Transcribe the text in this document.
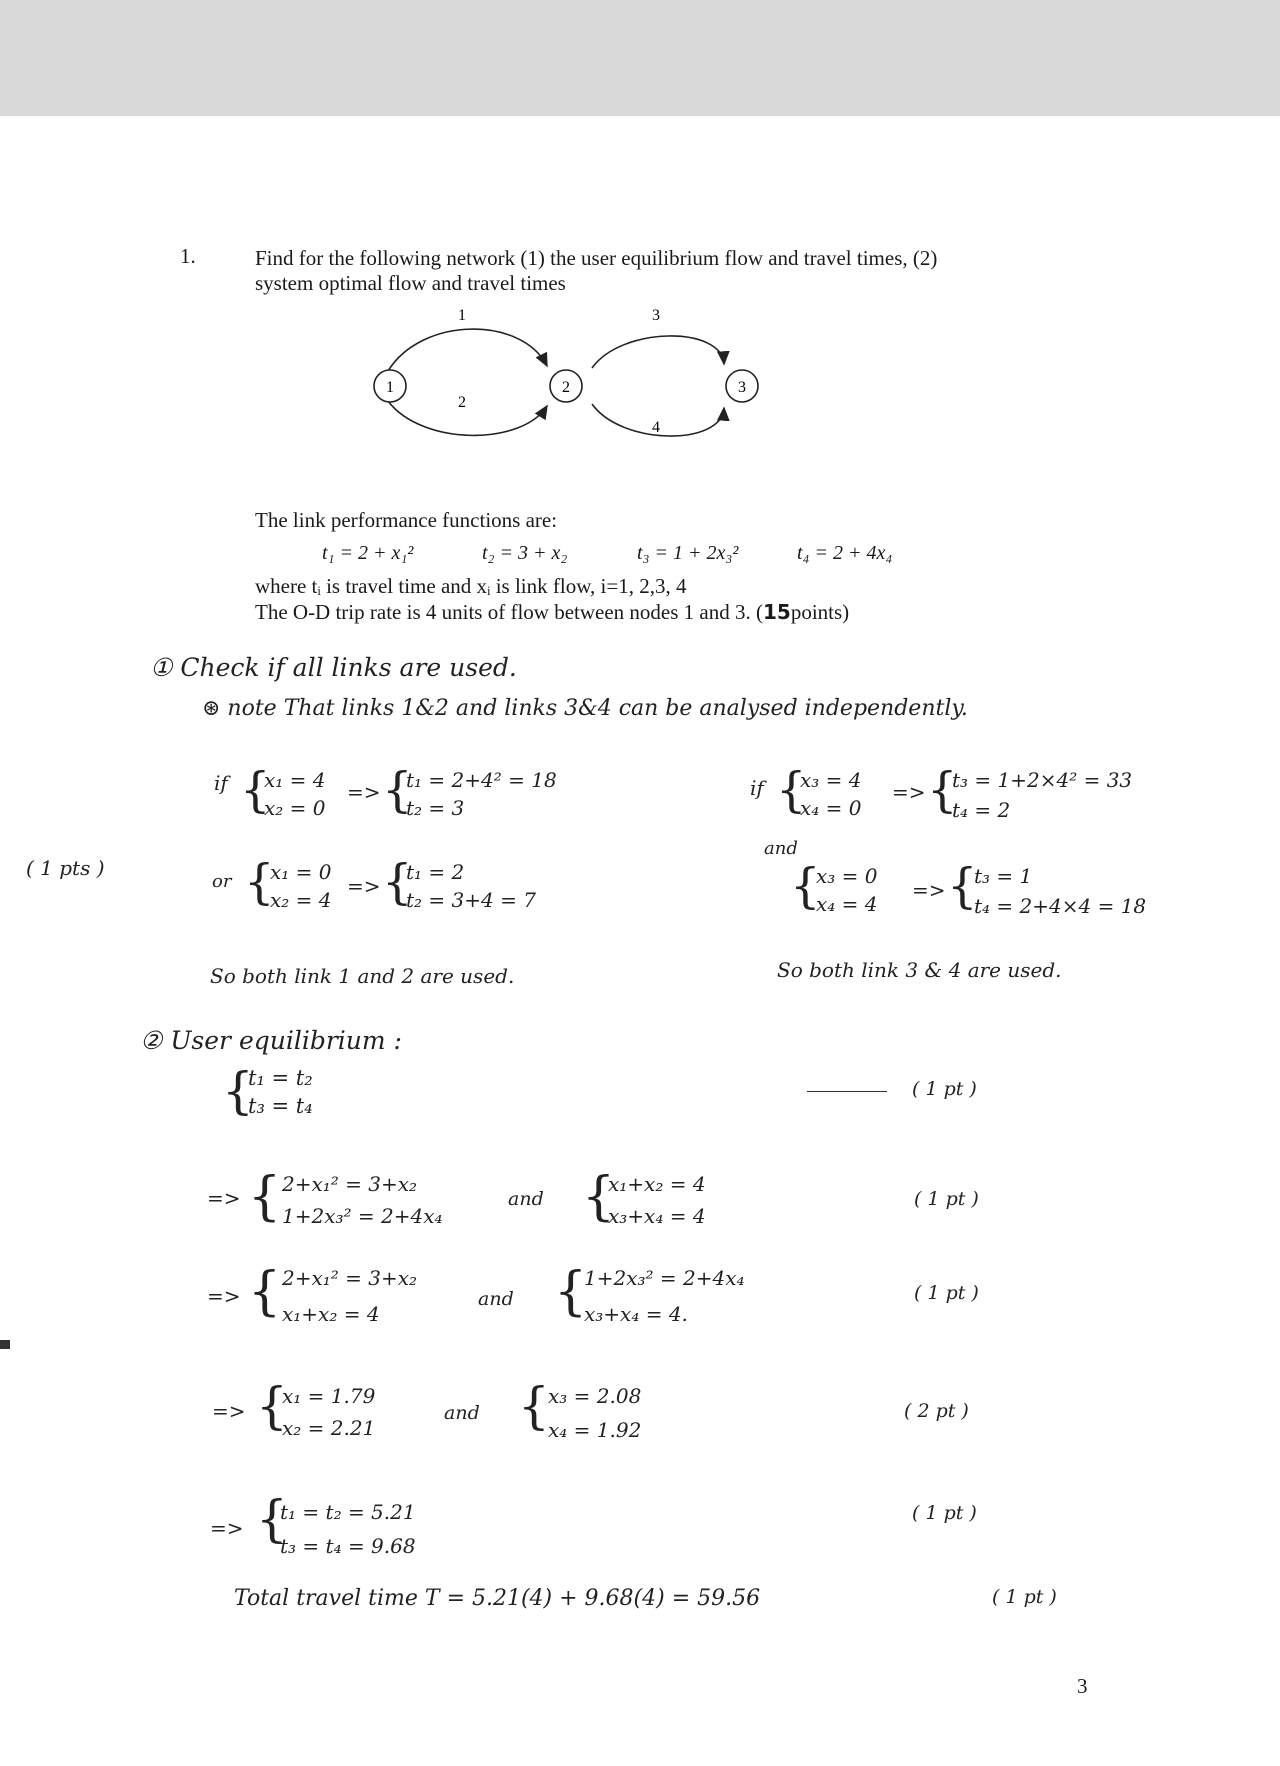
1.	Find for the following network (1) the user equilibrium flow and travel times, (2)
system optimal flow and travel times
1	2	3
1
2
3
4
The link performance functions are:
t₁ = 2 + x₁²	t₂ = 3 + x₂	t₃ = 1 + 2x₃²	t₄ = 2 + 4x₄
where tᵢ is travel time and xᵢ is link flow, i=1, 2,3, 4
The O-D trip rate is 4 units of flow between nodes 1 and 3. (15points)
① Check if all links are used.
⊛ note That links 1&2 and links 3&4 can be analysed independently.
( 1 pts )
if {
x₁ = 4
x₂ = 0
=> {
t₁ = 2+4² = 18
t₂ = 3
or {
x₁ = 0
x₂ = 4
=> {
t₁ = 2
t₂ = 3+4 = 7
So both link 1 and 2 are used.
if {
x₃ = 4
x₄ = 0
=> {
t₃ = 1+2×4² = 33
t₄ = 2
and
{
x₃ = 0
x₄ = 4
=> {
t₃ = 1
t₄ = 2+4×4 = 18
So both link 3 & 4 are used.
② User equilibrium :
{
t₁ = t₂
t₃ = t₄
( 1 pt )
=> { 2+x₁² = 3+x₂
1+2x₃² = 2+4x₄
and {
x₁+x₂ = 4
x₃+x₄ = 4
( 1 pt )
=> { 2+x₁² = 3+x₂
x₁+x₂ = 4
and {
1+2x₃² = 2+4x₄
x₃+x₄ = 4.
( 1 pt )
=> {
x₁ = 1.79
x₂ = 2.21
and {
x₃ = 2.08
x₄ = 1.92
( 2 pt )
=> {
t₁ = t₂ = 5.21
t₃ = t₄ = 9.68
( 1 pt )
Total travel time T = 5.21(4) + 9.68(4) = 59.56	( 1 pt )
3
